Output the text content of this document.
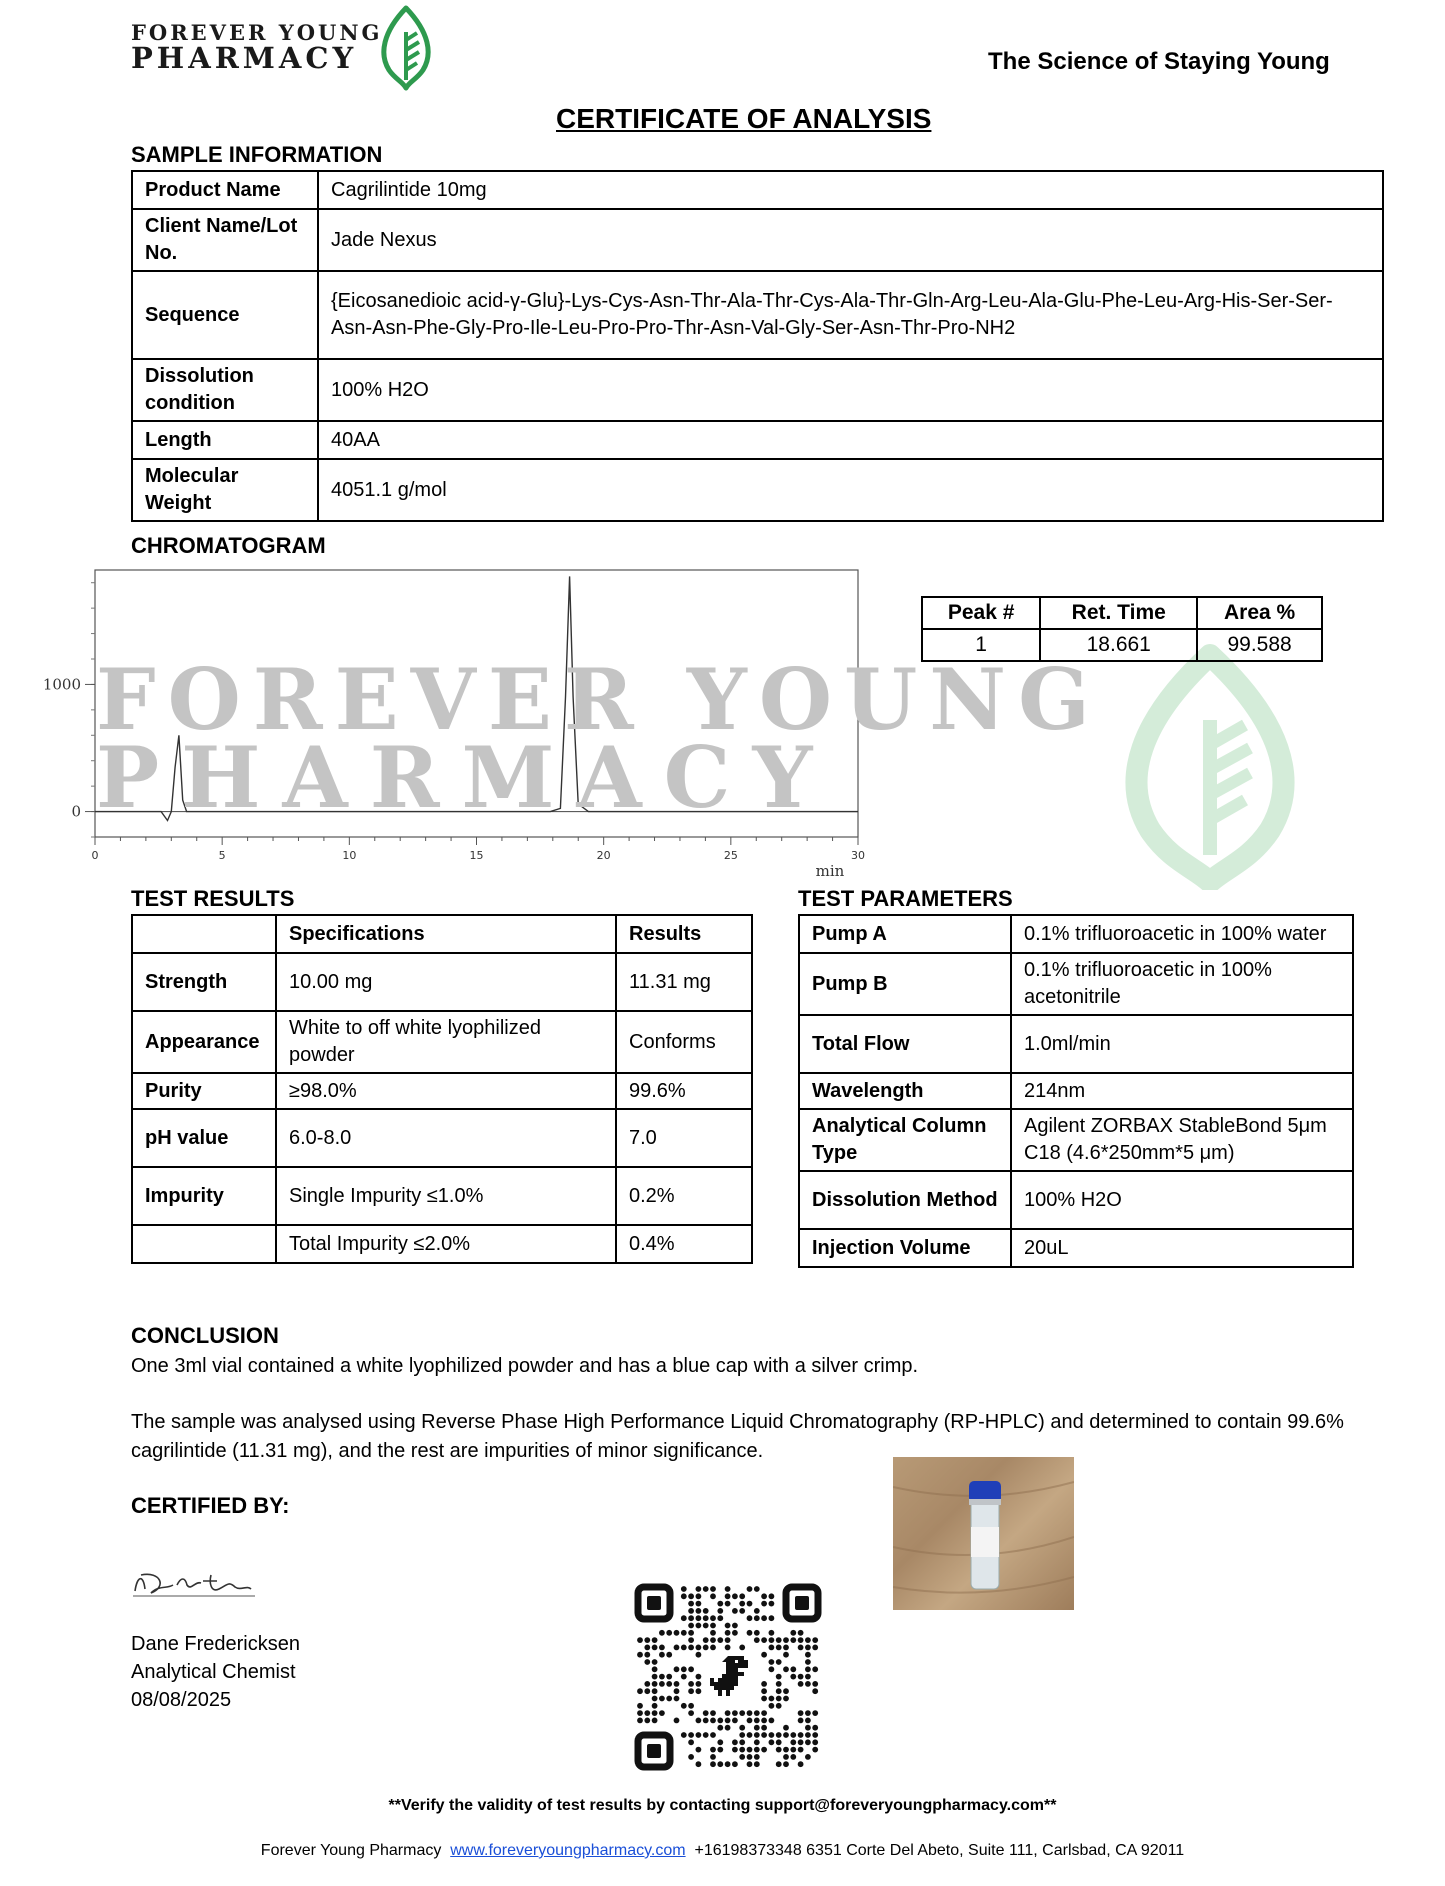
FOREVER YOUNG
PHARMACY	The Science of Staying Young
CERTIFICATE OF ANALYSIS
SAMPLE INFORMATION
Product Name	Cagrilintide 10mg
Client Name/Lot No.	Jade Nexus
Sequence	{Eicosanedioic acid-γ-Glu}-Lys-Cys-Asn-Thr-Ala-Thr-Cys-Ala-Thr-Gln-Arg-Leu-Ala-Glu-Phe-Leu-Arg-His-Ser-Ser-Asn-Asn-Phe-Gly-Pro-Ile-Leu-Pro-Pro-Thr-Asn-Val-Gly-Ser-Asn-Thr-Pro-NH2
Dissolution condition	100% H2O
Length	40AA
Molecular Weight	4051.1 g/mol
CHROMATOGRAM
0	5	10	15	20	25	30
0
1000
min
FOREVER YOUNG
PHARMACY
Peak #	Ret. Time	Area %
1	18.661	99.588
TEST RESULTS
	Specifications	Results
Strength	10.00 mg	11.31 mg
Appearance	White to off white lyophilized powder	Conforms
Purity	≥98.0%	99.6%
pH value	6.0-8.0	7.0
Impurity	Single Impurity ≤1.0%	0.2%
	Total Impurity ≤2.0%	0.4%
TEST PARAMETERS
Pump A	0.1% trifluoroacetic in 100% water
Pump B	0.1% trifluoroacetic in 100% acetonitrile
Total Flow	1.0ml/min
Wavelength	214nm
Analytical Column Type	Agilent ZORBAX StableBond 5μm C18 (4.6*250mm*5 μm)
Dissolution Method	100% H2O
Injection Volume	20uL
CONCLUSION
One 3ml vial contained a white lyophilized powder and has a blue cap with a silver crimp.
The sample was analysed using Reverse Phase High Performance Liquid Chromatography (RP-HPLC) and determined to contain 99.6% cagrilintide (11.31 mg), and the rest are impurities of minor significance.
CERTIFIED BY:
Dane Fredericksen
Analytical Chemist
08/08/2025
**Verify the validity of test results by contacting support@foreveryoungpharmacy.com**
Forever Young Pharmacy www.foreveryoungpharmacy.com +16198373348 6351 Corte Del Abeto, Suite 111, Carlsbad, CA 92011
